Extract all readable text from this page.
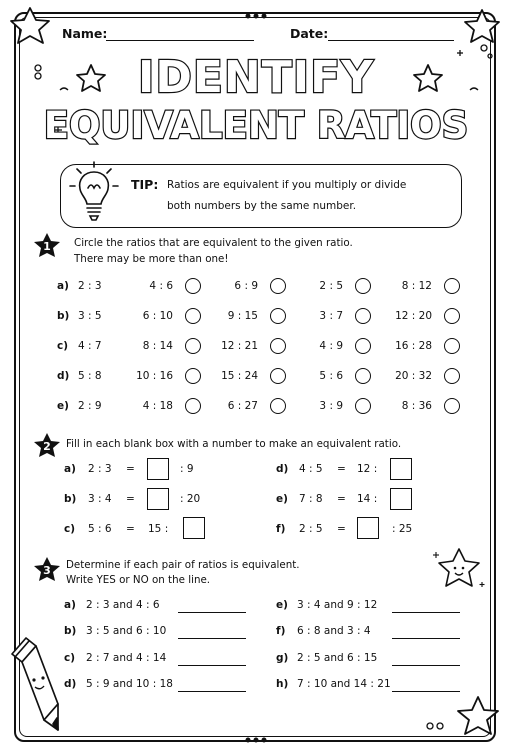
Name:	Date:
IDENTIFY
EQUIVALENT RATIOS
TIP: Ratios are equivalent if you multiply or divide
both numbers by the same number.
1 Circle the ratios that are equivalent to the given ratio.
There may be more than one!
a) 2 : 3	4 : 6	6 : 9	2 : 5	8 : 12
b) 3 : 5	6 : 10	9 : 15	3 : 7	12 : 20
c) 4 : 7	8 : 14	12 : 21	4 : 9	16 : 28
d) 5 : 8	10 : 16	15 : 24	5 : 6	20 : 32
e) 2 : 9	4 : 18	6 : 27	3 : 9	8 : 36
2 Fill in each blank box with a number to make an equivalent ratio.
a) 2 : 3 =	: 9
b) 3 : 4 =	: 20
c) 5 : 6 = 15 :
d) 4 : 5 = 12 :
e) 7 : 8 = 14 :
f) 2 : 5 =	: 25
3 Determine if each pair of ratios is equivalent.
Write YES or NO on the line.
a) 2 : 3 and 4 : 6
b) 3 : 5 and 6 : 10
c) 2 : 7 and 4 : 14
d) 5 : 9 and 10 : 18
e) 3 : 4 and 9 : 12
f) 6 : 8 and 3 : 4
g) 2 : 5 and 6 : 15
h) 7 : 10 and 14 : 21
